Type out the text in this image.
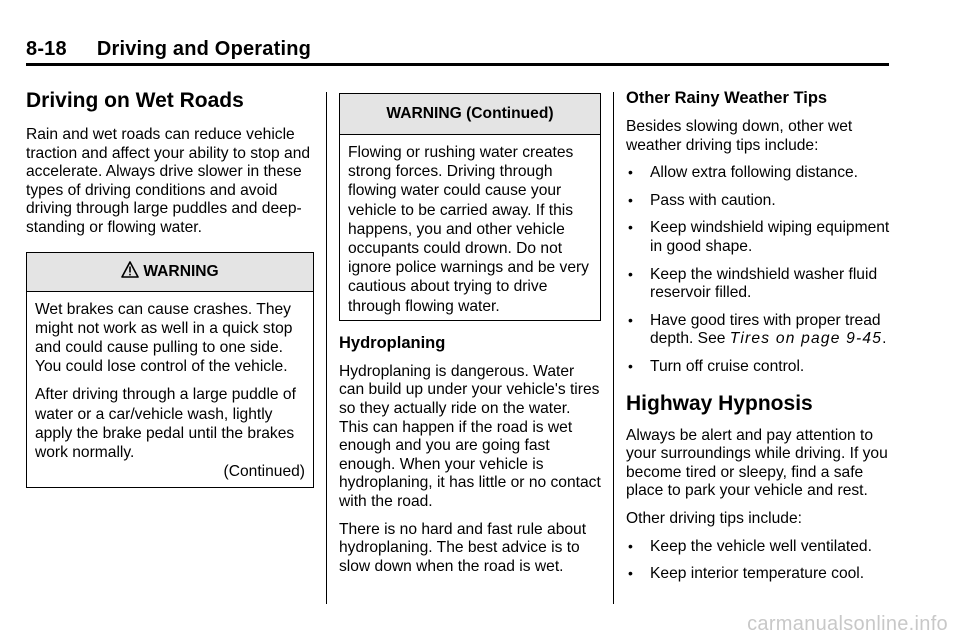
8-18 Driving and Operating
Driving on Wet Roads

Rain and wet roads can reduce vehicle traction and affect your ability to stop and accelerate. Always drive slower in these types of driving conditions and avoid driving through large puddles and deep-standing or flowing water.

WARNING

Wet brakes can cause crashes. They might not work as well in a quick stop and could cause pulling to one side. You could lose control of the vehicle.

After driving through a large puddle of water or a car/vehicle wash, lightly apply the brake pedal until the brakes work normally.

(Continued)
WARNING (Continued)

Flowing or rushing water creates strong forces. Driving through flowing water could cause your vehicle to be carried away. If this happens, you and other vehicle occupants could drown. Do not ignore police warnings and be very cautious about trying to drive through flowing water.

Hydroplaning

Hydroplaning is dangerous. Water can build up under your vehicle's tires so they actually ride on the water. This can happen if the road is wet enough and you are going fast enough. When your vehicle is hydroplaning, it has little or no contact with the road.

There is no hard and fast rule about hydroplaning. The best advice is to slow down when the road is wet.

Other Rainy Weather Tips

Besides slowing down, other wet weather driving tips include:

• Allow extra following distance.
• Pass with caution.
• Keep windshield wiping equipment in good shape.
• Keep the windshield washer fluid reservoir filled.
• Have good tires with proper tread depth. See Tires on page 9-45.
• Turn off cruise control.
Highway Hypnosis

Always be alert and pay attention to your surroundings while driving. If you become tired or sleepy, find a safe place to park your vehicle and rest.

Other driving tips include:

• Keep the vehicle well ventilated.
• Keep interior temperature cool.
carmanualsonline.info
